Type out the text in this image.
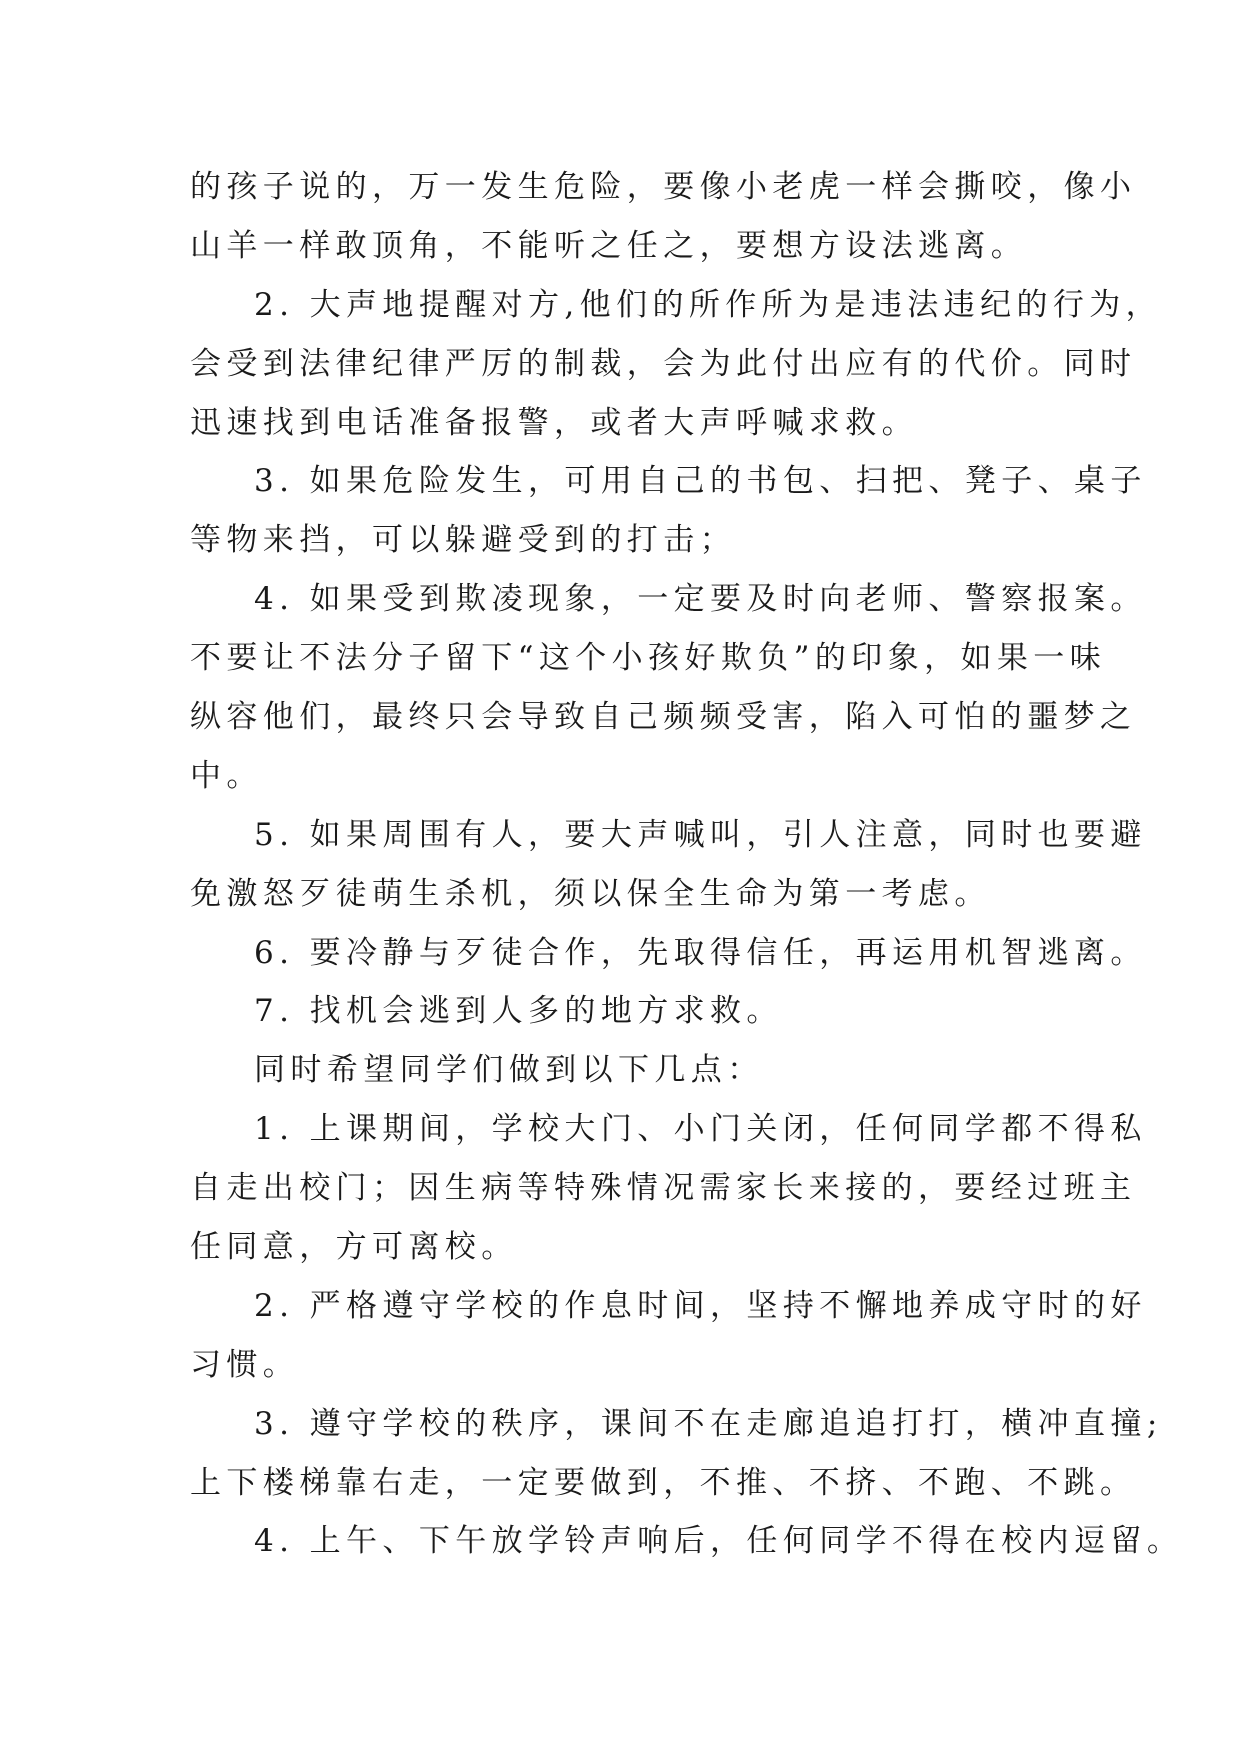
的孩子说的，万一发生危险，要像小老虎一样会撕咬，像小
山羊一样敢顶角，不能听之任之，要想方设法逃离。
2. 大声地提醒对方,他们的所作所为是违法违纪的行为，
会受到法律纪律严厉的制裁，会为此付出应有的代价。同时
迅速找到电话准备报警，或者大声呼喊求救。
3. 如果危险发生，可用自己的书包、扫把、凳子、桌子
等物来挡，可以躲避受到的打击；
4. 如果受到欺凌现象，一定要及时向老师、警察报案。
不要让不法分子留下“这个小孩好欺负”的印象，如果一味
纵容他们，最终只会导致自己频频受害，陷入可怕的噩梦之
中。
5. 如果周围有人，要大声喊叫，引人注意，同时也要避
免激怒歹徒萌生杀机，须以保全生命为第一考虑。
6. 要冷静与歹徒合作，先取得信任，再运用机智逃离。
7. 找机会逃到人多的地方求救。
同时希望同学们做到以下几点：
1. 上课期间，学校大门、小门关闭，任何同学都不得私
自走出校门；因生病等特殊情况需家长来接的，要经过班主
任同意，方可离校。
2. 严格遵守学校的作息时间，坚持不懈地养成守时的好
习惯。
3. 遵守学校的秩序，课间不在走廊追追打打，横冲直撞;
上下楼梯靠右走，一定要做到，不推、不挤、不跑、不跳。
4. 上午、下午放学铃声响后，任何同学不得在校内逗留。
